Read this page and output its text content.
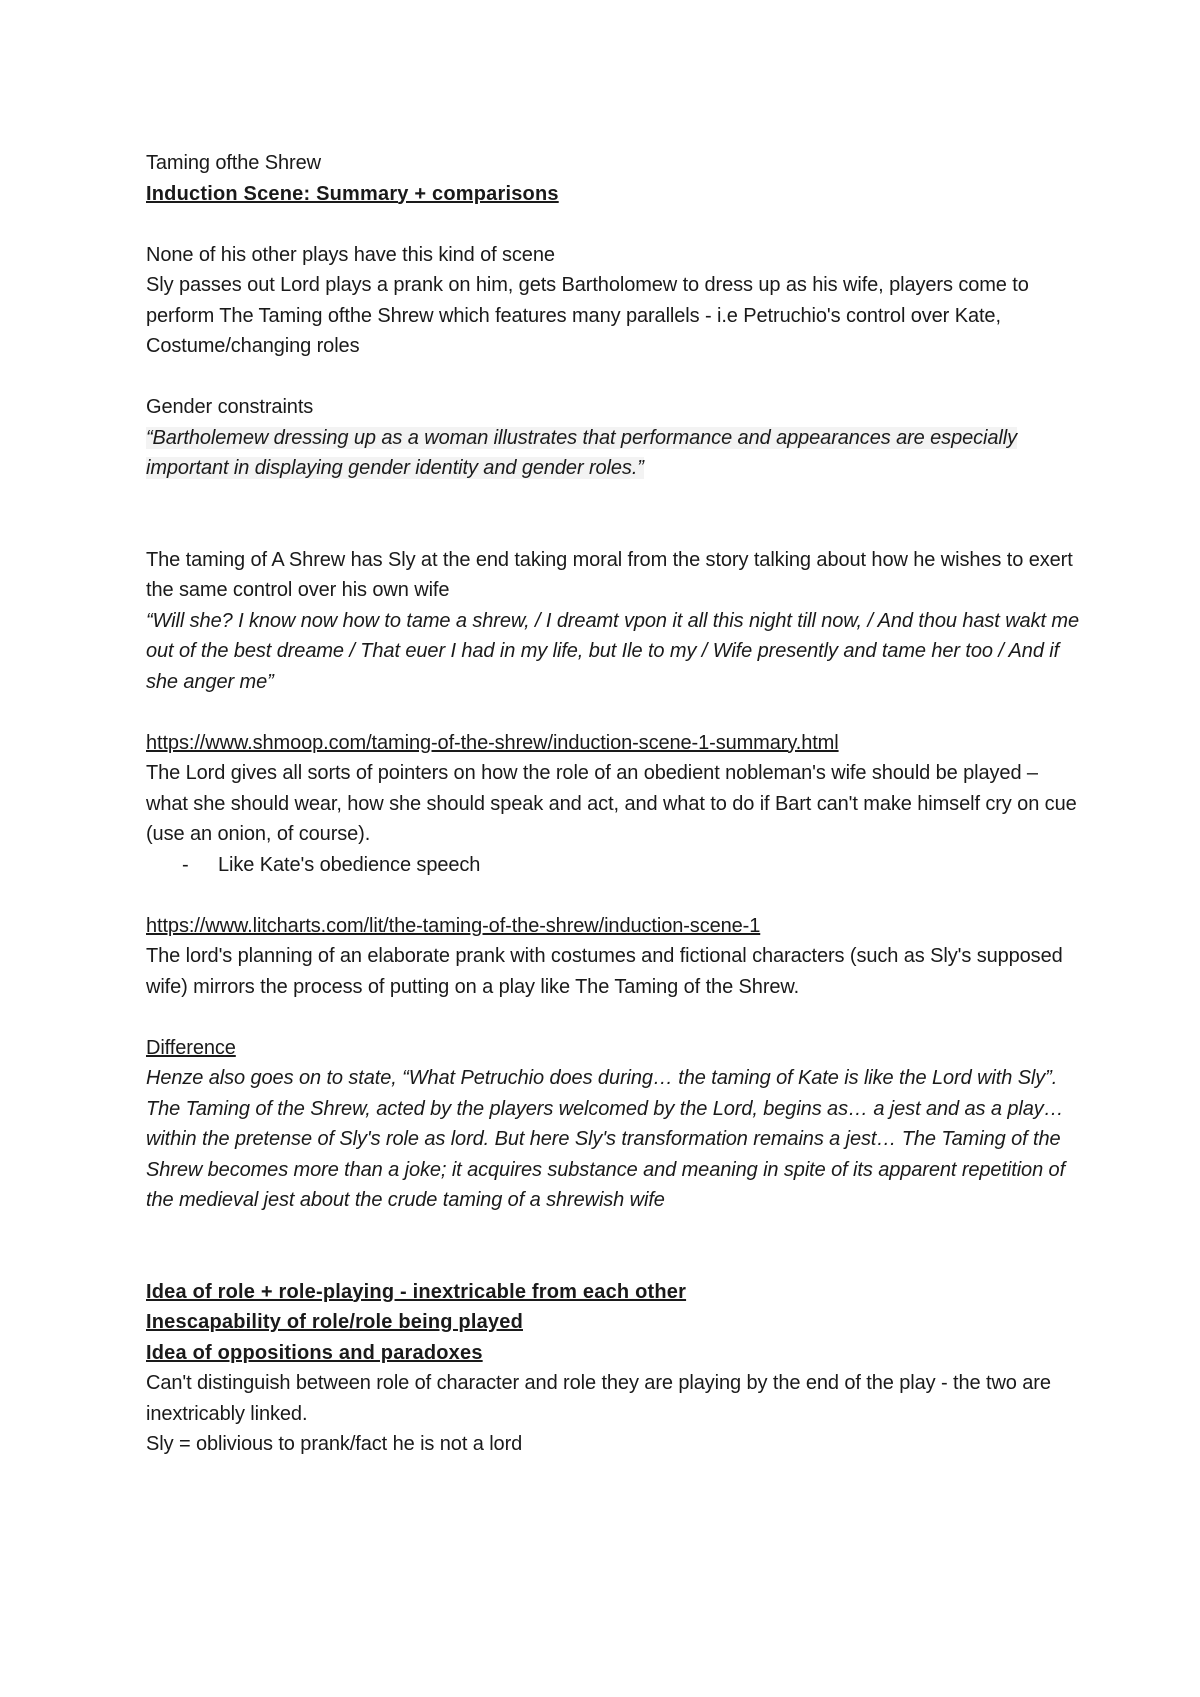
Taming ofthe Shrew

Induction Scene: Summary + comparisons

None of his other plays have this kind of scene

Sly passes out Lord plays a prank on him, gets Bartholomew to dress up as his wife, players come to perform The Taming ofthe Shrew which features many parallels - i.e Petruchio's control over Kate, Costume/changing roles

Gender constraints

“Bartholemew dressing up as a woman illustrates that performance and appearances are especially important in displaying gender identity and gender roles.”

The taming of A Shrew has Sly at the end taking moral from the story talking about how he wishes to exert the same control over his own wife

“Will she? I know now how to tame a shrew, / I dreamt vpon it all this night till now, / And thou hast wakt me out of the best dreame / That euer I had in my life, but Ile to my / Wife presently and tame her too / And if she anger me”

https://www.shmoop.com/taming-of-the-shrew/induction-scene-1-summary.html

The Lord gives all sorts of pointers on how the role of an obedient nobleman's wife should be played – what she should wear, how she should speak and act, and what to do if Bart can't make himself cry on cue (use an onion, of course).

- Like Kate's obedience speech

https://www.litcharts.com/lit/the-taming-of-the-shrew/induction-scene-1

The lord's planning of an elaborate prank with costumes and fictional characters (such as Sly's supposed wife) mirrors the process of putting on a play like The Taming of the Shrew.

Difference

Henze also goes on to state, “What Petruchio does during… the taming of Kate is like the Lord with Sly”.

The Taming of the Shrew, acted by the players welcomed by the Lord, begins as… a jest and as a play… within the pretense of Sly's role as lord. But here Sly's transformation remains a jest… The Taming of the Shrew becomes more than a joke; it acquires substance and meaning in spite of its apparent repetition of the medieval jest about the crude taming of a shrewish wife

Idea of role + role-playing - inextricable from each other

Inescapability of role/role being played

Idea of oppositions and paradoxes

Can't distinguish between role of character and role they are playing by the end of the play - the two are inextricably linked.

Sly = oblivious to prank/fact he is not a lord
